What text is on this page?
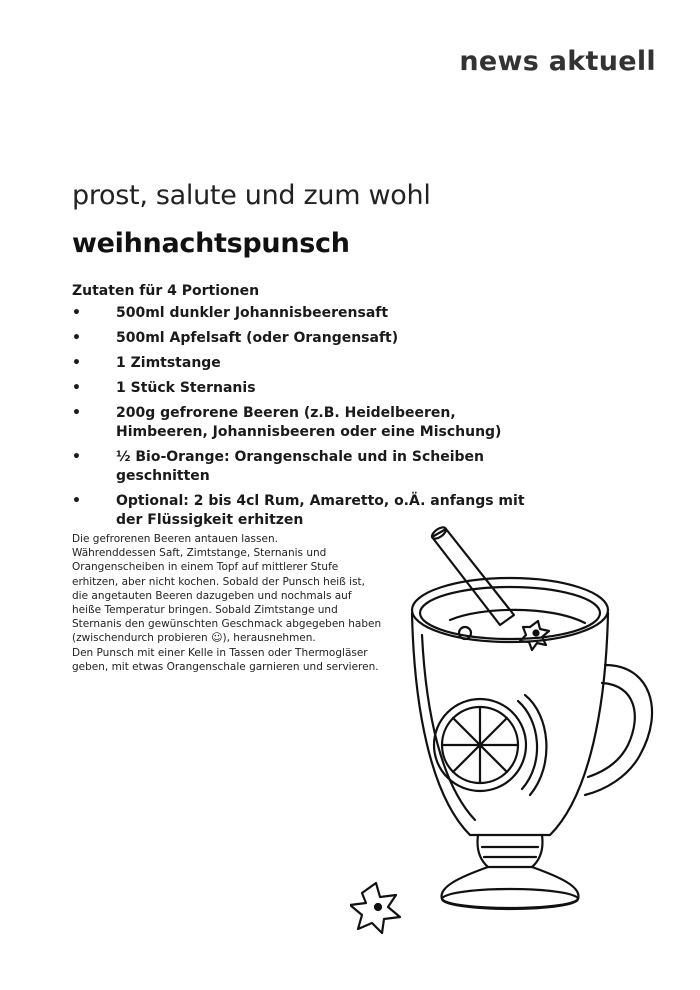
news aktuell
prost, salute und zum wohl
weihnachtspunsch
Zutaten für 4 Portionen
•	500ml dunkler Johannisbeerensaft
•	500ml Apfelsaft (oder Orangensaft)
•	1 Zimtstange
•	1 Stück Sternanis
•	200g gefrorene Beeren (z.B. Heidelbeeren, Himbeeren, Johannisbeeren oder eine Mischung)
•	½ Bio-Orange: Orangenschale und in Scheiben geschnitten
•	Optional: 2 bis 4cl Rum, Amaretto, o.Ä. anfangs mit der Flüssigkeit erhitzen

Die gefrorenen Beeren antauen lassen.

Währenddessen Saft, Zimtstange, Sternanis und Orangenscheiben in einem Topf auf mittlerer Stufe erhitzen, aber nicht kochen. Sobald der Punsch heiß ist, die angetauten Beeren dazugeben und nochmals auf heiße Temperatur bringen. Sobald Zimtstange und Sternanis den gewünschten Geschmack abgegeben haben (zwischendurch probieren ☺), herausnehmen.

Den Punsch mit einer Kelle in Tassen oder Thermogläser geben, mit etwas Orangenschale garnieren und servieren.
